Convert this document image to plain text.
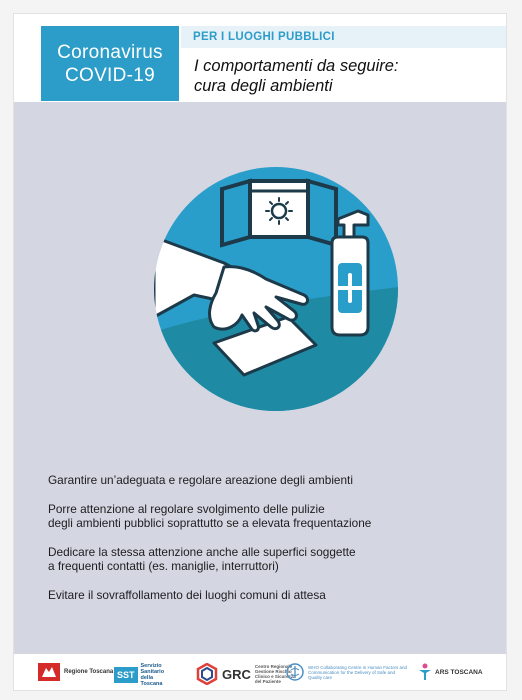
Coronavirus
COVID-19
PER I LUOGHI PUBBLICI
I comportamenti da seguire:
cura degli ambienti

Garantire un’adeguata e regolare areazione degli ambienti

Porre attenzione al regolare svolgimento delle pulizie
degli ambienti pubblici soprattutto se a elevata frequentazione

Dedicare la stessa attenzione anche alle superfici soggette
a frequenti contatti (es. maniglie, interruttori)

Evitare il sovraffollamento dei luoghi comuni di attesa

Regione Toscana SST
Servizio Sanitario della Toscana
GRC Centro Regionale Gestione Rischio Clinico e Sicurezza del Paziente
WHO Collaborating Centre in Human Factors and Communication for the Delivery of Safe and Quality care
ARS TOSCANA
